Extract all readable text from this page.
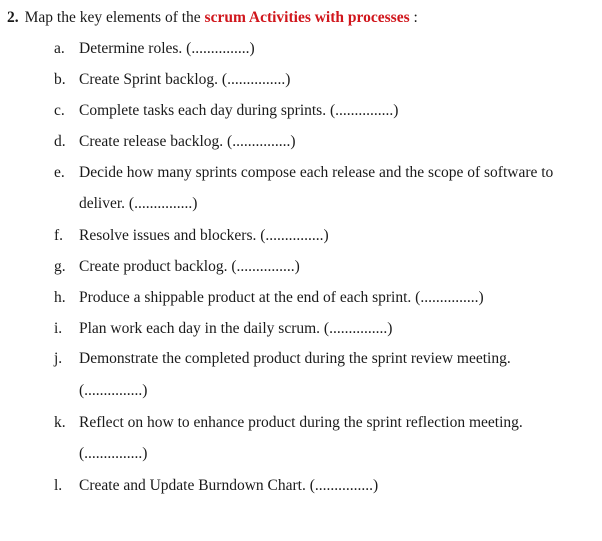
2. Map the key elements of the scrum Activities with processes :
a. Determine roles. (...............)
b. Create Sprint backlog. (...............)
c. Complete tasks each day during sprints. (...............)
d. Create release backlog. (...............)
e. Decide how many sprints compose each release and the scope of software to
deliver. (...............)
f. Resolve issues and blockers. (...............)
g. Create product backlog. (...............)
h. Produce a shippable product at the end of each sprint. (...............)
i. Plan work each day in the daily scrum. (...............)
j. Demonstrate the completed product during the sprint review meeting.
(...............)
k. Reflect on how to enhance product during the sprint reflection meeting.
(...............)
l. Create and Update Burndown Chart. (...............)
